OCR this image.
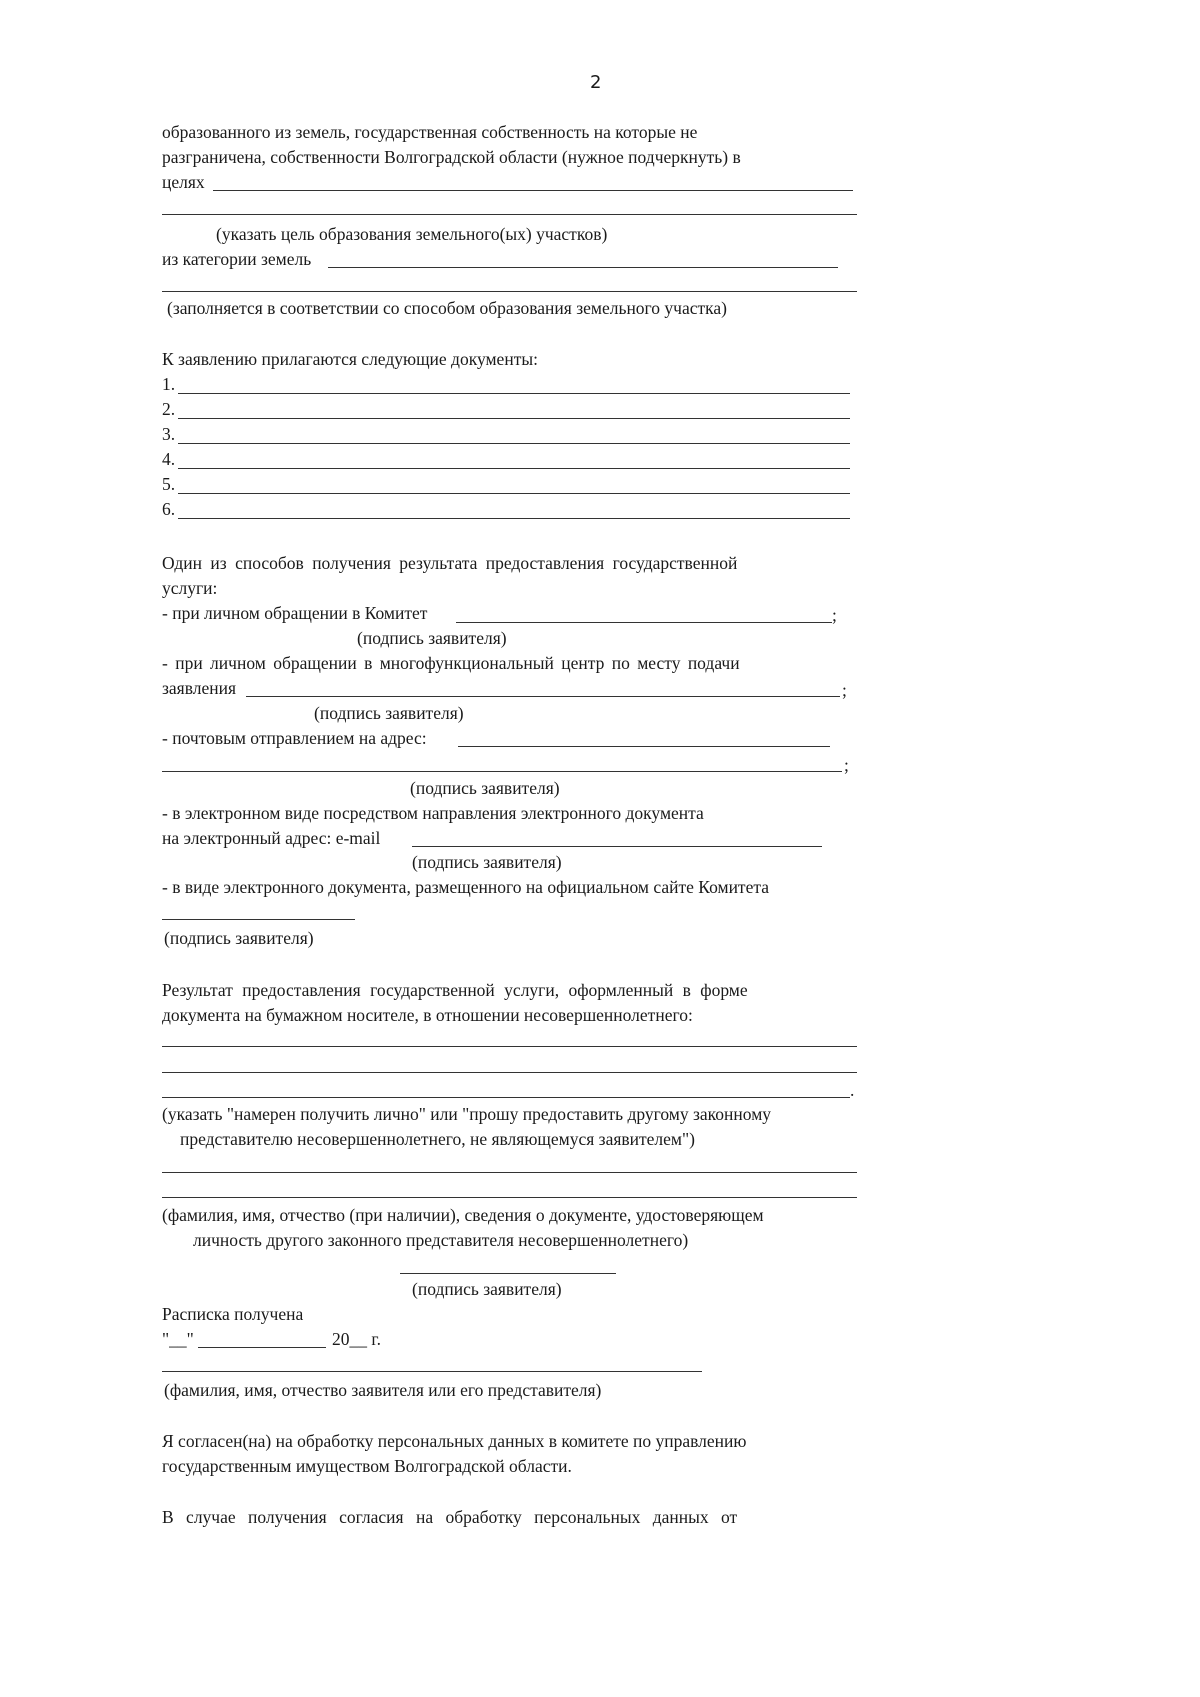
2
образованного из земель, государственная собственность на которые не
разграничена, собственности Волгоградской области (нужное подчеркнуть) в
целях
(указать цель образования земельного(ых) участков)
из категории земель
(заполняется в соответствии со способом образования земельного участка)
К заявлению прилагаются следующие документы:
1.
2.
3.
4.
5.
6.
Один из способов получения результата предоставления государственной
услуги:
- при личном обращении в Комитет	;
(подпись заявителя)
- при личном обращении в многофункциональный центр по месту подачи
заявления	;
(подпись заявителя)
- почтовым отправлением на адрес:
;
(подпись заявителя)
- в электронном виде посредством направления электронного документа
на электронный адрес: e-mail
(подпись заявителя)
- в виде электронного документа, размещенного на официальном сайте Комитета
(подпись заявителя)
Результат предоставления государственной услуги, оформленный в форме
документа на бумажном носителе, в отношении несовершеннолетнего:
.
(указать "намерен получить лично" или "прошу предоставить другому законному
представителю несовершеннолетнего, не являющемуся заявителем")
(фамилия, имя, отчество (при наличии), сведения о документе, удостоверяющем
личность другого законного представителя несовершеннолетнего)
(подпись заявителя)
Расписка получена
"__"	20__ г.
(фамилия, имя, отчество заявителя или его представителя)
Я согласен(на) на обработку персональных данных в комитете по управлению
государственным имуществом Волгоградской области.
В случае получения согласия на обработку персональных данных от
